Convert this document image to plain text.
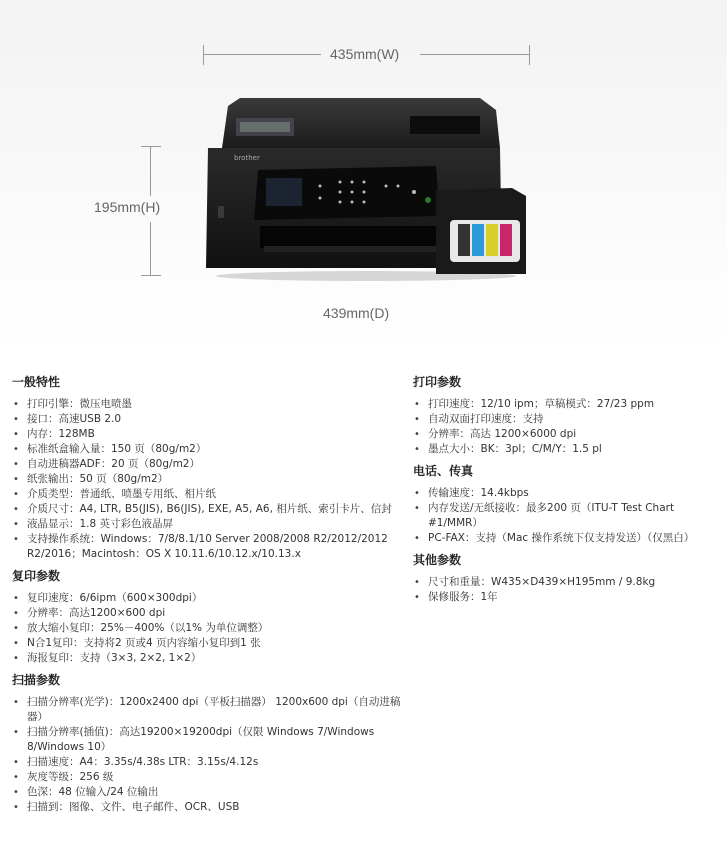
435mm(W)
195mm(H)
439mm(D)
brother
一般特性
• 打印引擎：微压电喷墨
• 接口：高速USB 2.0
• 内存：128MB
• 标准纸盒输入量：150 页（80g/m2）
• 自动进稿器ADF：20 页（80g/m2）
• 纸张输出：50 页（80g/m2）
• 介质类型：普通纸、喷墨专用纸、相片纸
• 介质尺寸：A4, LTR, B5(JIS), B6(JIS), EXE, A5, A6, 相片纸、索引卡片、信封
• 液晶显示：1.8 英寸彩色液晶屏
• 支持操作系统：Windows：7/8/8.1/10 Server 2008/2008 R2/2012/2012 R2/2016；Macintosh：OS X 10.11.6/10.12.x/10.13.x
复印参数
• 复印速度：6/6ipm（600×300dpi）
• 分辨率：高达1200×600 dpi
• 放大缩小复印：25%－400%（以1% 为单位调整）
• N合1复印：支持将2 页或4 页内容缩小复印到1 张
• 海报复印：支持（3×3, 2×2, 1×2）
扫描参数
• 扫描分辨率(光学)：1200x2400 dpi（平板扫描器） 1200x600 dpi（自动进稿器）
• 扫描分辨率(插值)：高达19200×19200dpi（仅限 Windows 7/Windows 8/Windows 10）
• 扫描速度：A4：3.35s/4.38s LTR：3.15s/4.12s
• 灰度等级：256 级
• 色深：48 位输入/24 位输出
• 扫描到：图像、文件、电子邮件、OCR、USB
打印参数
• 打印速度：12/10 ipm；草稿模式：27/23 ppm
• 自动双面打印速度：支持
• 分辨率：高达 1200×6000 dpi
• 墨点大小：BK：3pl；C/M/Y：1.5 pl
电话、传真
• 传输速度：14.4kbps
• 内存发送/无纸接收：最多200 页（ITU-T Test Chart #1/MMR）
• PC-FAX：支持（Mac 操作系统下仅支持发送）（仅黑白）
其他参数
• 尺寸和重量：W435×D439×H195mm / 9.8kg
• 保修服务：1年
